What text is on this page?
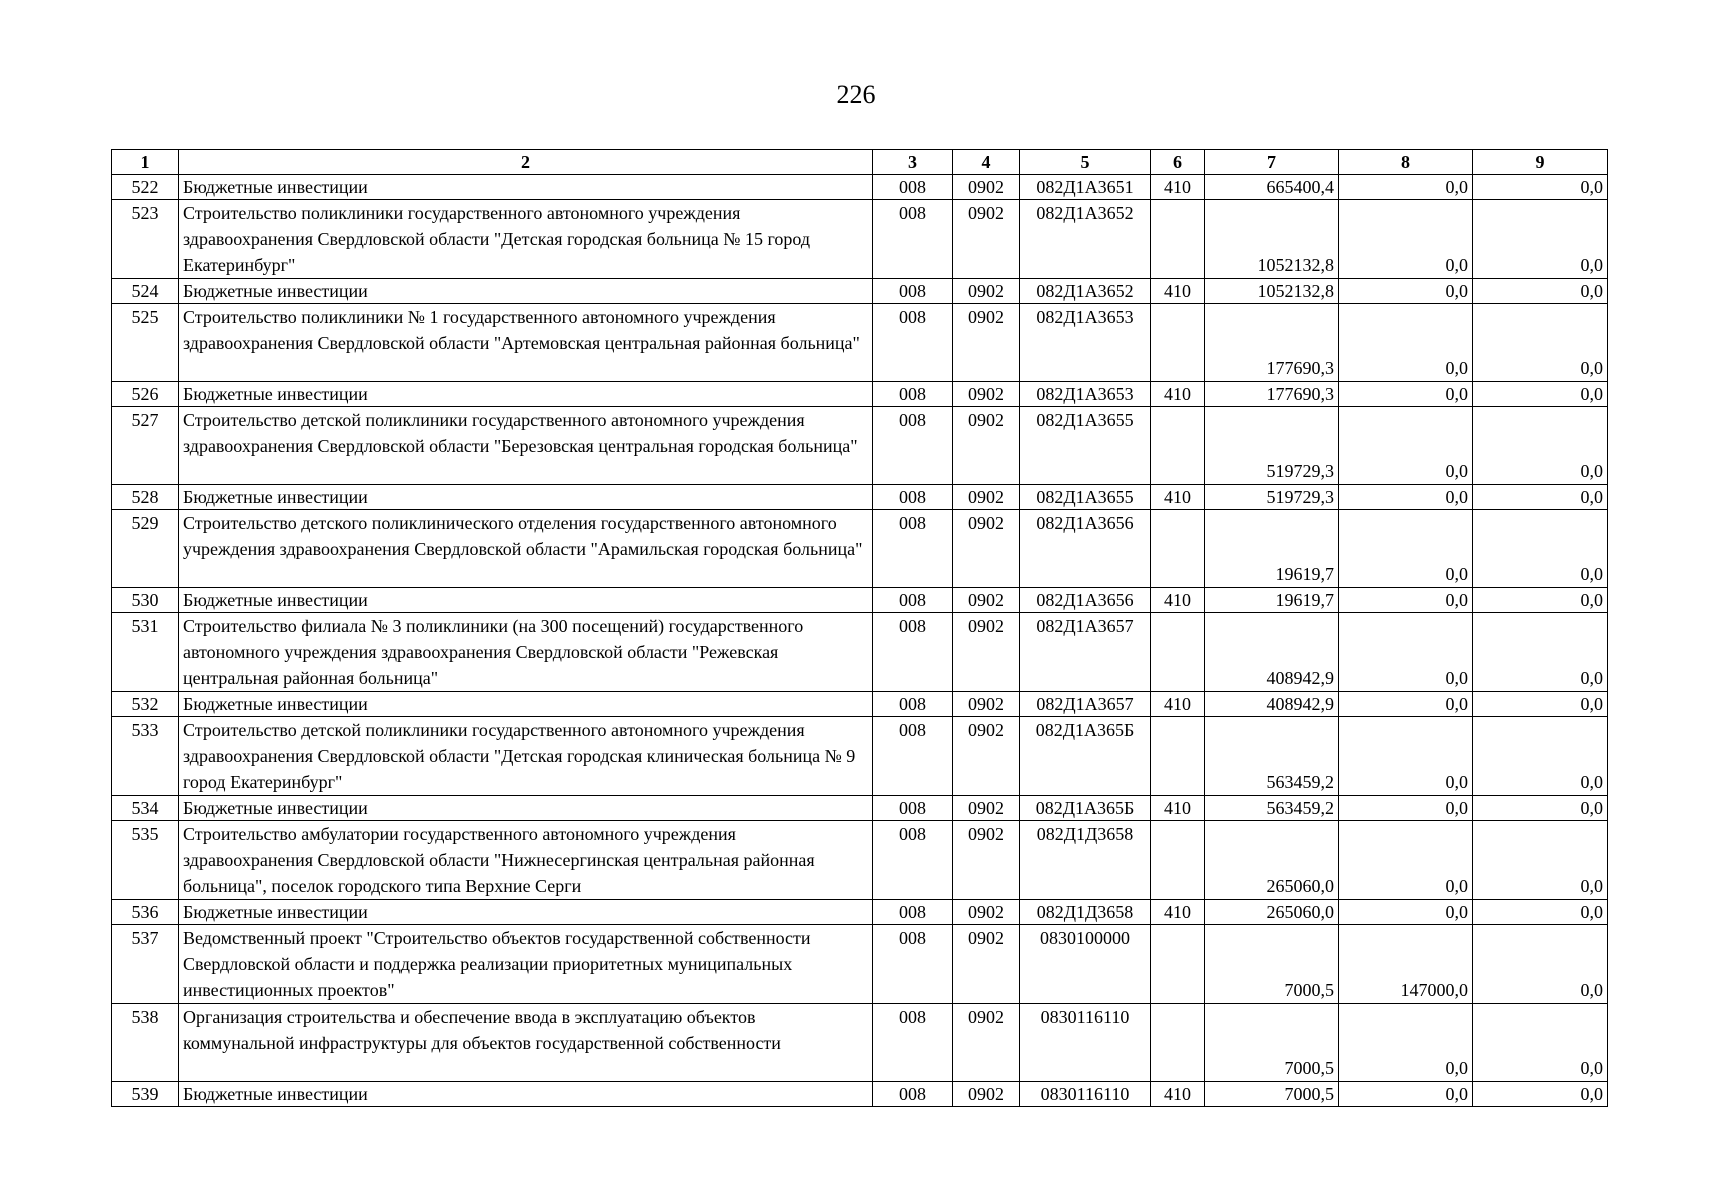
226
1	2	3	4	5	6	7	8	9
522	Бюджетные инвестиции	008	0902	082Д1А3651	410	665400,4	0,0	0,0
523	Строительство поликлиники государственного автономного учреждения здравоохранения Свердловской области "Детская городская больница № 15 город Екатеринбург"	008	0902	082Д1А3652		1052132,8	0,0	0,0
524	Бюджетные инвестиции	008	0902	082Д1А3652	410	1052132,8	0,0	0,0
525	Строительство поликлиники № 1 государственного автономного учреждения здравоохранения Свердловской области "Артемовская центральная районная больница"	008	0902	082Д1А3653		177690,3	0,0	0,0
526	Бюджетные инвестиции	008	0902	082Д1А3653	410	177690,3	0,0	0,0
527	Строительство детской поликлиники государственного автономного учреждения здравоохранения Свердловской области "Березовская центральная городская больница"	008	0902	082Д1А3655		519729,3	0,0	0,0
528	Бюджетные инвестиции	008	0902	082Д1А3655	410	519729,3	0,0	0,0
529	Строительство детского поликлинического отделения государственного автономного учреждения здравоохранения Свердловской области "Арамильская городская больница"	008	0902	082Д1А3656		19619,7	0,0	0,0
530	Бюджетные инвестиции	008	0902	082Д1А3656	410	19619,7	0,0	0,0
531	Строительство филиала № 3 поликлиники (на 300 посещений) государственного автономного учреждения здравоохранения Свердловской области "Режевская центральная районная больница"	008	0902	082Д1А3657		408942,9	0,0	0,0
532	Бюджетные инвестиции	008	0902	082Д1А3657	410	408942,9	0,0	0,0
533	Строительство детской поликлиники государственного автономного учреждения здравоохранения Свердловской области "Детская городская клиническая больница № 9 город Екатеринбург"	008	0902	082Д1А365Б		563459,2	0,0	0,0
534	Бюджетные инвестиции	008	0902	082Д1А365Б	410	563459,2	0,0	0,0
535	Строительство амбулатории государственного автономного учреждения здравоохранения Свердловской области "Нижнесергинская центральная районная больница", поселок городского типа Верхние Серги	008	0902	082Д1Д3658		265060,0	0,0	0,0
536	Бюджетные инвестиции	008	0902	082Д1Д3658	410	265060,0	0,0	0,0
537	Ведомственный проект "Строительство объектов государственной собственности Свердловской области и поддержка реализации приоритетных муниципальных инвестиционных проектов"	008	0902	0830100000		7000,5	147000,0	0,0
538	Организация строительства и обеспечение ввода в эксплуатацию объектов коммунальной инфраструктуры для объектов государственной собственности	008	0902	0830116110		7000,5	0,0	0,0
539	Бюджетные инвестиции	008	0902	0830116110	410	7000,5	0,0	0,0
